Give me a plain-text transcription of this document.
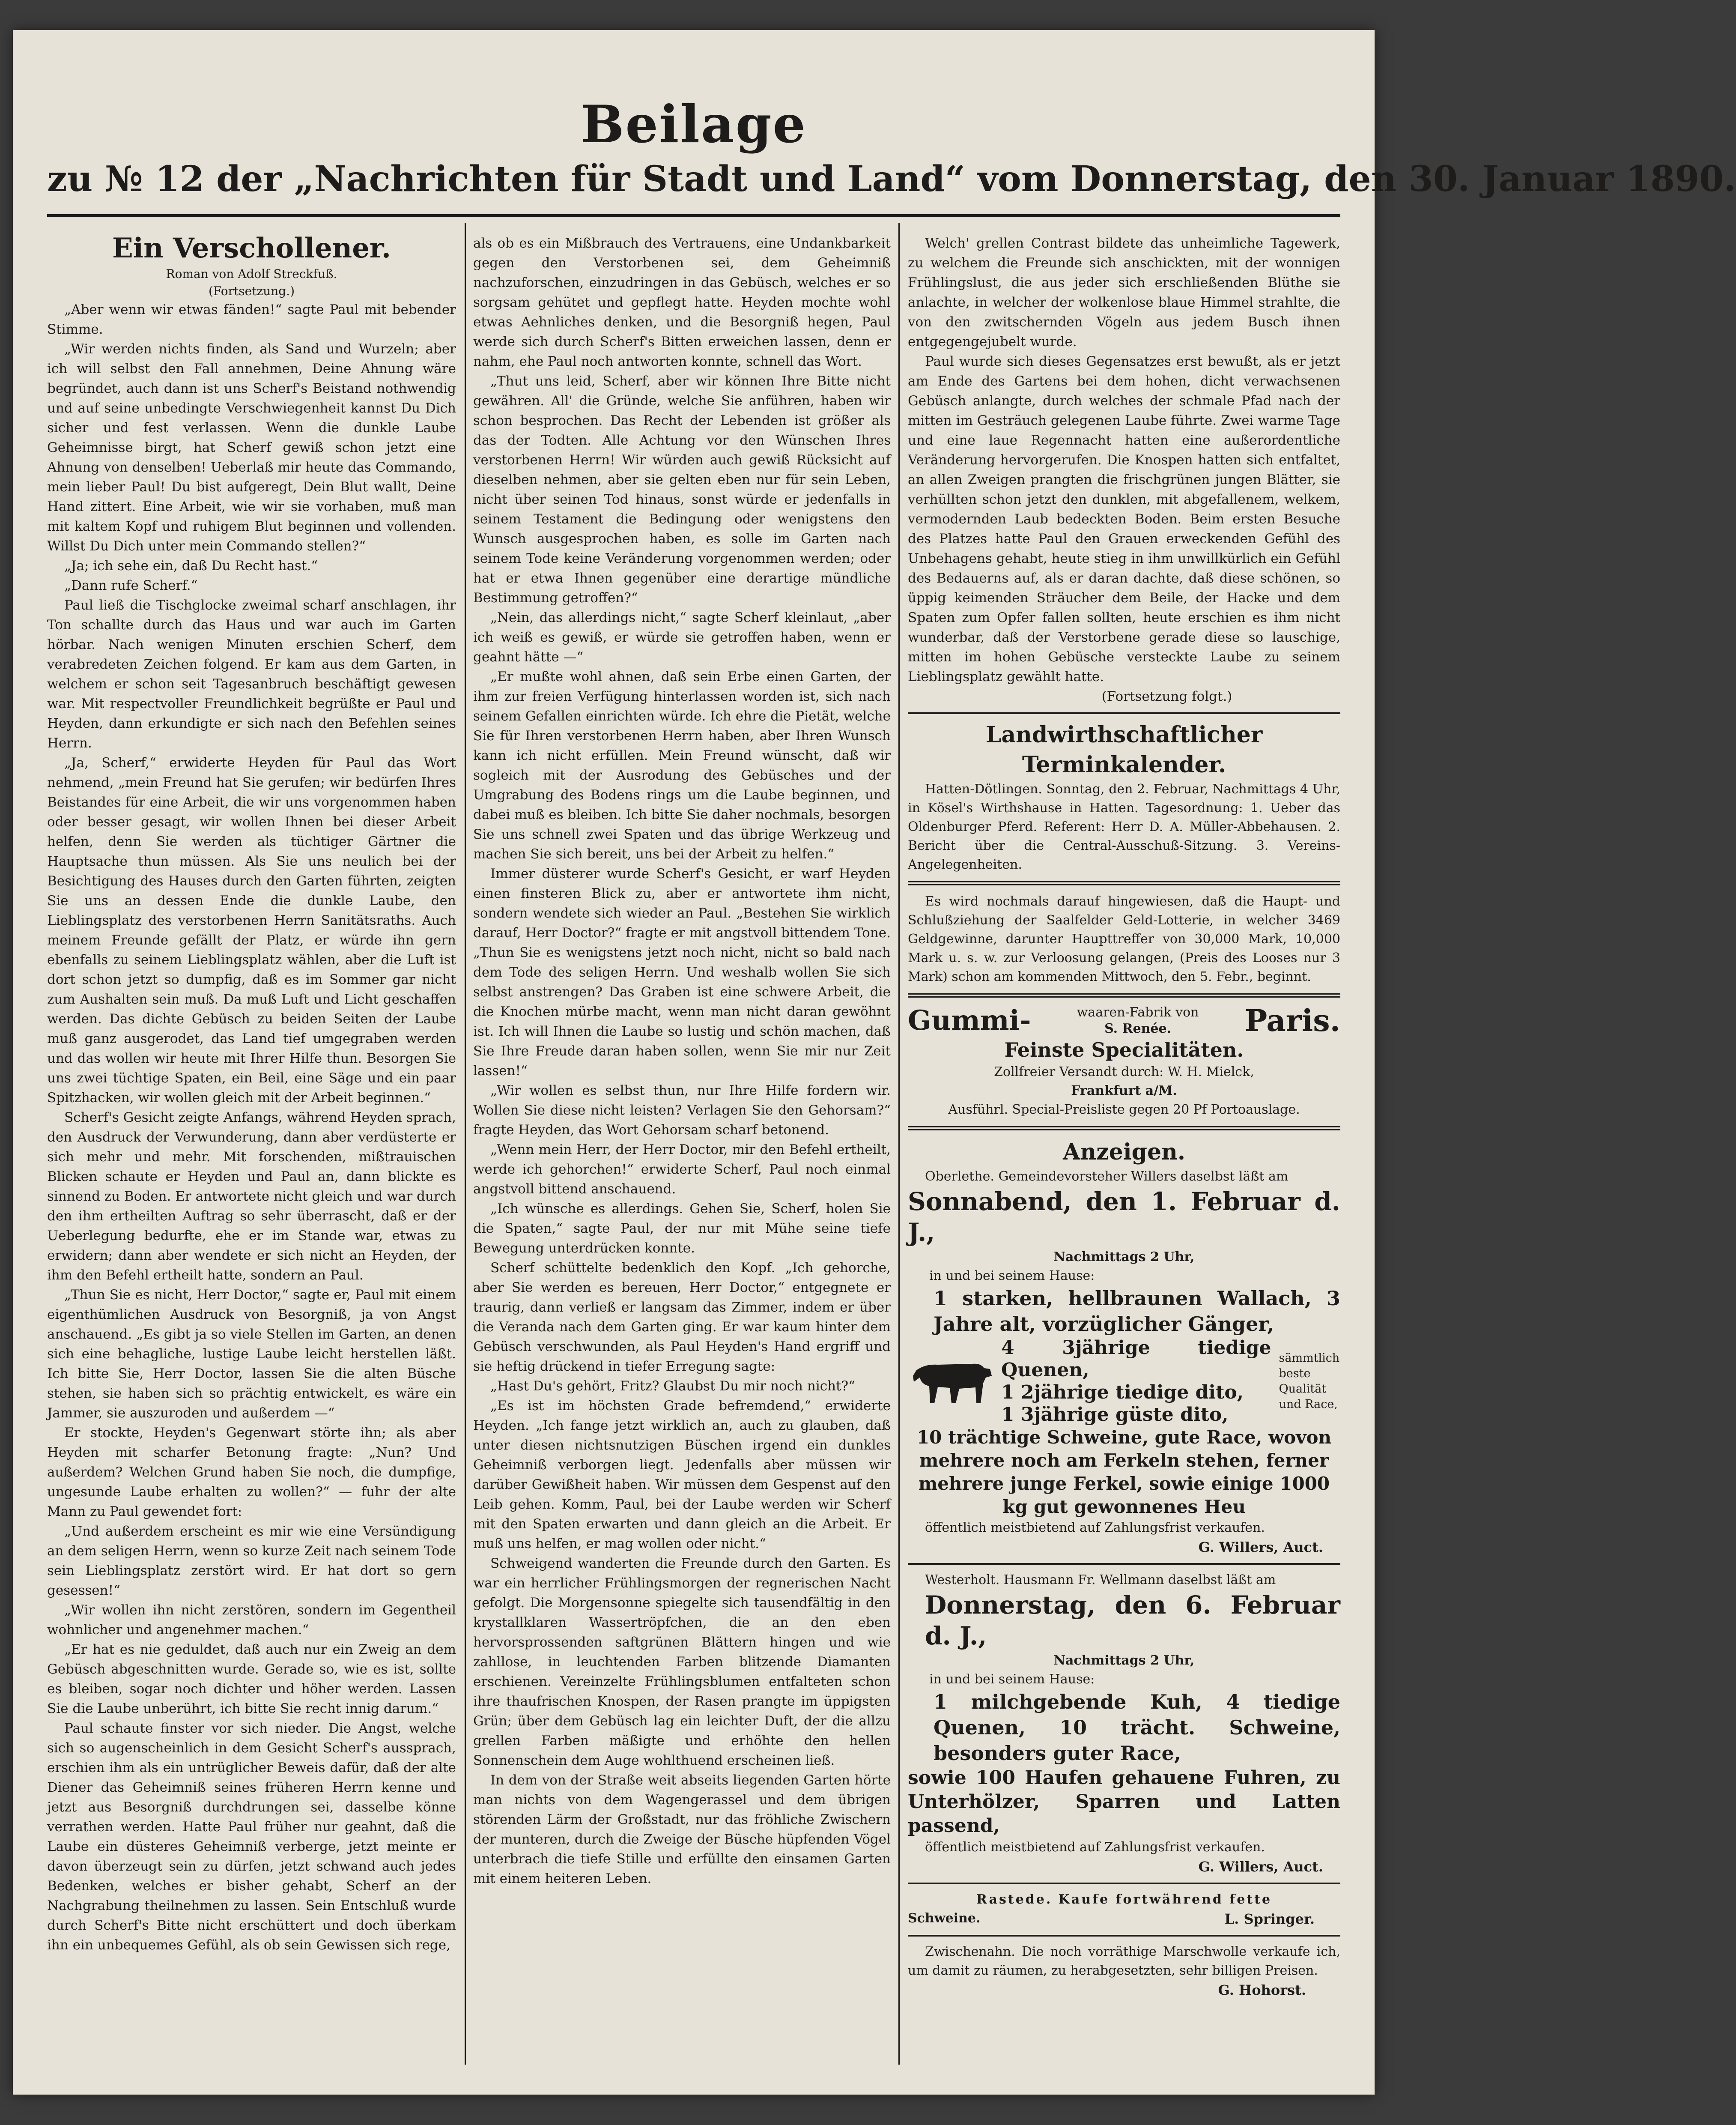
Beilage
zu № 12 der „Nachrichten für Stadt und Land“ vom Donnerstag, den 30. Januar 1890.
Ein Verschollener.
Roman von Adolf Streckfuß.
(Fortsetzung.)

„Aber wenn wir etwas fänden!“ sagte Paul mit bebender Stimme.

„Wir werden nichts finden, als Sand und Wurzeln; aber ich will selbst den Fall annehmen, Deine Ahnung wäre begründet, auch dann ist uns Scherf's Beistand nothwendig und auf seine unbedingte Verschwiegenheit kannst Du Dich sicher und fest verlassen. Wenn die dunkle Laube Geheimnisse birgt, hat Scherf gewiß schon jetzt eine Ahnung von denselben! Ueberlaß mir heute das Commando, mein lieber Paul! Du bist aufgeregt, Dein Blut wallt, Deine Hand zittert. Eine Arbeit, wie wir sie vorhaben, muß man mit kaltem Kopf und ruhigem Blut beginnen und vollenden. Willst Du Dich unter mein Commando stellen?“

„Ja; ich sehe ein, daß Du Recht hast.“

„Dann rufe Scherf.“

Paul ließ die Tischglocke zweimal scharf anschlagen, ihr Ton schallte durch das Haus und war auch im Garten hörbar. Nach wenigen Minuten erschien Scherf, dem verabredeten Zeichen folgend. Er kam aus dem Garten, in welchem er schon seit Tagesanbruch beschäftigt gewesen war. Mit respectvoller Freundlichkeit begrüßte er Paul und Heyden, dann erkundigte er sich nach den Befehlen seines Herrn.

„Ja, Scherf,“ erwiderte Heyden für Paul das Wort nehmend, „mein Freund hat Sie gerufen; wir bedürfen Ihres Beistandes für eine Arbeit, die wir uns vorgenommen haben oder besser gesagt, wir wollen Ihnen bei dieser Arbeit helfen, denn Sie werden als tüchtiger Gärtner die Hauptsache thun müssen. Als Sie uns neulich bei der Besichtigung des Hauses durch den Garten führten, zeigten Sie uns an dessen Ende die dunkle Laube, den Lieblingsplatz des verstorbenen Herrn Sanitätsraths. Auch meinem Freunde gefällt der Platz, er würde ihn gern ebenfalls zu seinem Lieblingsplatz wählen, aber die Luft ist dort schon jetzt so dumpfig, daß es im Sommer gar nicht zum Aushalten sein muß. Da muß Luft und Licht geschaffen werden. Das dichte Gebüsch zu beiden Seiten der Laube muß ganz ausgerodet, das Land tief umgegraben werden und das wollen wir heute mit Ihrer Hilfe thun. Besorgen Sie uns zwei tüchtige Spaten, ein Beil, eine Säge und ein paar Spitzhacken, wir wollen gleich mit der Arbeit beginnen.“

Scherf's Gesicht zeigte Anfangs, während Heyden sprach, den Ausdruck der Verwunderung, dann aber verdüsterte er sich mehr und mehr. Mit forschenden, mißtrauischen Blicken schaute er Heyden und Paul an, dann blickte es sinnend zu Boden. Er antwortete nicht gleich und war durch den ihm ertheilten Auftrag so sehr überrascht, daß er der Ueberlegung bedurfte, ehe er im Stande war, etwas zu erwidern; dann aber wendete er sich nicht an Heyden, der ihm den Befehl ertheilt hatte, sondern an Paul.

„Thun Sie es nicht, Herr Doctor,“ sagte er, Paul mit einem eigenthümlichen Ausdruck von Besorgniß, ja von Angst anschauend. „Es gibt ja so viele Stellen im Garten, an denen sich eine behagliche, lustige Laube leicht herstellen läßt. Ich bitte Sie, Herr Doctor, lassen Sie die alten Büsche stehen, sie haben sich so prächtig entwickelt, es wäre ein Jammer, sie auszuroden und außerdem —“

Er stockte, Heyden's Gegenwart störte ihn; als aber Heyden mit scharfer Betonung fragte: „Nun? Und außerdem? Welchen Grund haben Sie noch, die dumpfige, ungesunde Laube erhalten zu wollen?“ — fuhr der alte Mann zu Paul gewendet fort:

„Und außerdem erscheint es mir wie eine Versündigung an dem seligen Herrn, wenn so kurze Zeit nach seinem Tode sein Lieblingsplatz zerstört wird. Er hat dort so gern gesessen!“

„Wir wollen ihn nicht zerstören, sondern im Gegentheil wohnlicher und angenehmer machen.“

„Er hat es nie geduldet, daß auch nur ein Zweig an dem Gebüsch abgeschnitten wurde. Gerade so, wie es ist, sollte es bleiben, sogar noch dichter und höher werden. Lassen Sie die Laube unberührt, ich bitte Sie recht innig darum.“

Paul schaute finster vor sich nieder. Die Angst, welche sich so augenscheinlich in dem Gesicht Scherf's aussprach, erschien ihm als ein untrüglicher Beweis dafür, daß der alte Diener das Geheimniß seines früheren Herrn kenne und jetzt aus Besorgniß durchdrungen sei, dasselbe könne verrathen werden. Hatte Paul früher nur geahnt, daß die Laube ein düsteres Geheimniß verberge, jetzt meinte er davon überzeugt sein zu dürfen, jetzt schwand auch jedes Bedenken, welches er bisher gehabt, Scherf an der Nachgrabung theilnehmen zu lassen. Sein Entschluß wurde durch Scherf's Bitte nicht erschüttert und doch überkam ihn ein unbequemes Gefühl, als ob sein Gewissen sich rege,

als ob es ein Mißbrauch des Vertrauens, eine Undankbarkeit gegen den Verstorbenen sei, dem Geheimniß nachzuforschen, einzudringen in das Gebüsch, welches er so sorgsam gehütet und gepflegt hatte. Heyden mochte wohl etwas Aehnliches denken, und die Besorgniß hegen, Paul werde sich durch Scherf's Bitten erweichen lassen, denn er nahm, ehe Paul noch antworten konnte, schnell das Wort.

„Thut uns leid, Scherf, aber wir können Ihre Bitte nicht gewähren. All' die Gründe, welche Sie anführen, haben wir schon besprochen. Das Recht der Lebenden ist größer als das der Todten. Alle Achtung vor den Wünschen Ihres verstorbenen Herrn! Wir würden auch gewiß Rücksicht auf dieselben nehmen, aber sie gelten eben nur für sein Leben, nicht über seinen Tod hinaus, sonst würde er jedenfalls in seinem Testament die Bedingung oder wenigstens den Wunsch ausgesprochen haben, es solle im Garten nach seinem Tode keine Veränderung vorgenommen werden; oder hat er etwa Ihnen gegenüber eine derartige mündliche Bestimmung getroffen?“

„Nein, das allerdings nicht,“ sagte Scherf kleinlaut, „aber ich weiß es gewiß, er würde sie getroffen haben, wenn er geahnt hätte —“

„Er mußte wohl ahnen, daß sein Erbe einen Garten, der ihm zur freien Verfügung hinterlassen worden ist, sich nach seinem Gefallen einrichten würde. Ich ehre die Pietät, welche Sie für Ihren verstorbenen Herrn haben, aber Ihren Wunsch kann ich nicht erfüllen. Mein Freund wünscht, daß wir sogleich mit der Ausrodung des Gebüsches und der Umgrabung des Bodens rings um die Laube beginnen, und dabei muß es bleiben. Ich bitte Sie daher nochmals, besorgen Sie uns schnell zwei Spaten und das übrige Werkzeug und machen Sie sich bereit, uns bei der Arbeit zu helfen.“

Immer düsterer wurde Scherf's Gesicht, er warf Heyden einen finsteren Blick zu, aber er antwortete ihm nicht, sondern wendete sich wieder an Paul. „Bestehen Sie wirklich darauf, Herr Doctor?“ fragte er mit angstvoll bittendem Tone. „Thun Sie es wenigstens jetzt noch nicht, nicht so bald nach dem Tode des seligen Herrn. Und weshalb wollen Sie sich selbst anstrengen? Das Graben ist eine schwere Arbeit, die die Knochen mürbe macht, wenn man nicht daran gewöhnt ist. Ich will Ihnen die Laube so lustig und schön machen, daß Sie Ihre Freude daran haben sollen, wenn Sie mir nur Zeit lassen!“

„Wir wollen es selbst thun, nur Ihre Hilfe fordern wir. Wollen Sie diese nicht leisten? Verlagen Sie den Gehorsam?“ fragte Heyden, das Wort Gehorsam scharf betonend.

„Wenn mein Herr, der Herr Doctor, mir den Befehl ertheilt, werde ich gehorchen!“ erwiderte Scherf, Paul noch einmal angstvoll bittend anschauend.

„Ich wünsche es allerdings. Gehen Sie, Scherf, holen Sie die Spaten,“ sagte Paul, der nur mit Mühe seine tiefe Bewegung unterdrücken konnte.

Scherf schüttelte bedenklich den Kopf. „Ich gehorche, aber Sie werden es bereuen, Herr Doctor,“ entgegnete er traurig, dann verließ er langsam das Zimmer, indem er über die Veranda nach dem Garten ging. Er war kaum hinter dem Gebüsch verschwunden, als Paul Heyden's Hand ergriff und sie heftig drückend in tiefer Erregung sagte:

„Hast Du's gehört, Fritz? Glaubst Du mir noch nicht?“

„Es ist im höchsten Grade befremdend,“ erwiderte Heyden. „Ich fange jetzt wirklich an, auch zu glauben, daß unter diesen nichtsnutzigen Büschen irgend ein dunkles Geheimniß verborgen liegt. Jedenfalls aber müssen wir darüber Gewißheit haben. Wir müssen dem Gespenst auf den Leib gehen. Komm, Paul, bei der Laube werden wir Scherf mit den Spaten erwarten und dann gleich an die Arbeit. Er muß uns helfen, er mag wollen oder nicht.“

Schweigend wanderten die Freunde durch den Garten. Es war ein herrlicher Frühlingsmorgen der regnerischen Nacht gefolgt. Die Morgensonne spiegelte sich tausendfältig in den krystallklaren Wassertröpfchen, die an den eben hervorsprossenden saftgrünen Blättern hingen und wie zahllose, in leuchtenden Farben blitzende Diamanten erschienen. Vereinzelte Frühlingsblumen entfalteten schon ihre thaufrischen Knospen, der Rasen prangte im üppigsten Grün; über dem Gebüsch lag ein leichter Duft, der die allzu grellen Farben mäßigte und erhöhte den hellen Sonnenschein dem Auge wohlthuend erscheinen ließ.

In dem von der Straße weit abseits liegenden Garten hörte man nichts von dem Wagengerassel und dem übrigen störenden Lärm der Großstadt, nur das fröhliche Zwischern der munteren, durch die Zweige der Büsche hüpfenden Vögel unterbrach die tiefe Stille und erfüllte den einsamen Garten mit einem heiteren Leben.

Welch' grellen Contrast bildete das unheimliche Tagewerk, zu welchem die Freunde sich anschickten, mit der wonnigen Frühlingslust, die aus jeder sich erschließenden Blüthe sie anlachte, in welcher der wolkenlose blaue Himmel strahlte, die von den zwitschernden Vögeln aus jedem Busch ihnen entgegengejubelt wurde.

Paul wurde sich dieses Gegensatzes erst bewußt, als er jetzt am Ende des Gartens bei dem hohen, dicht verwachsenen Gebüsch anlangte, durch welches der schmale Pfad nach der mitten im Gesträuch gelegenen Laube führte. Zwei warme Tage und eine laue Regennacht hatten eine außerordentliche Veränderung hervorgerufen. Die Knospen hatten sich entfaltet, an allen Zweigen prangten die frischgrünen jungen Blätter, sie verhüllten schon jetzt den dunklen, mit abgefallenem, welkem, vermodernden Laub bedeckten Boden. Beim ersten Besuche des Platzes hatte Paul den Grauen erweckenden Gefühl des Unbehagens gehabt, heute stieg in ihm unwillkürlich ein Gefühl des Bedauerns auf, als er daran dachte, daß diese schönen, so üppig keimenden Sträucher dem Beile, der Hacke und dem Spaten zum Opfer fallen sollten, heute erschien es ihm nicht wunderbar, daß der Verstorbene gerade diese so lauschige, mitten im hohen Gebüsche versteckte Laube zu seinem Lieblingsplatz gewählt hatte.

(Fortsetzung folgt.)
Landwirthschaftlicher Terminkalender.

Hatten-Dötlingen. Sonntag, den 2. Februar, Nachmittags 4 Uhr, in Kösel's Wirthshause in Hatten. Tagesordnung: 1. Ueber das Oldenburger Pferd. Referent: Herr D. A. Müller-Abbehausen. 2. Bericht über die Central-Ausschuß-Sitzung. 3. Vereins-Angelegenheiten.

Es wird nochmals darauf hingewiesen, daß die Haupt- und Schlußziehung der Saalfelder Geld-Lotterie, in welcher 3469 Geldgewinne, darunter Haupttreffer von 30,000 Mark, 10,000 Mark u. s. w. zur Verloosung gelangen, (Preis des Looses nur 3 Mark) schon am kommenden Mittwoch, den 5. Febr., beginnt.

Gummi-	waaren-Fabrik von
S. Renée.	Paris.
Feinste Specialitäten.
Zollfreier Versandt durch: W. H. Mielck,
Frankfurt a/M.
Ausführl. Special-Preisliste gegen 20 Pf Portoauslage.
Anzeigen.

Oberlethe. Gemeindevorsteher Willers daselbst läßt am

Sonnabend, den 1. Februar d. J.,
Nachmittags 2 Uhr,

in und bei seinem Hause:

1 starken, hellbraunen Wallach, 3 Jahre alt, vorzüglicher Gänger,
4 3jährige tiedige Quenen,
1 2jährige tiedige dito,
1 3jährige güste dito,
sämmtlich beste Qualität und Race,
10 trächtige Schweine, gute Race, wovon mehrere noch am Ferkeln stehen, ferner mehrere junge Ferkel, sowie einige 1000 kg gut gewonnenes Heu

öffentlich meistbietend auf Zahlungsfrist verkaufen.

G. Willers, Auct.

Westerholt. Hausmann Fr. Wellmann daselbst läßt am

Donnerstag, den 6. Februar d. J.,
Nachmittags 2 Uhr,

in und bei seinem Hause:

1 milchgebende Kuh, 4 tiedige Quenen, 10 trächt. Schweine, besonders guter Race,
sowie 100 Haufen gehauene Fuhren, zu Unterhölzer, Sparren und Latten passend,

öffentlich meistbietend auf Zahlungsfrist verkaufen.

G. Willers, Auct.
Rastede. Kaufe fortwährend fette
Schweine.	L. Springer.

Zwischenahn. Die noch vorräthige Marschwolle verkaufe ich, um damit zu räumen, zu herabgesetzten, sehr billigen Preisen.

G. Hohorst.
